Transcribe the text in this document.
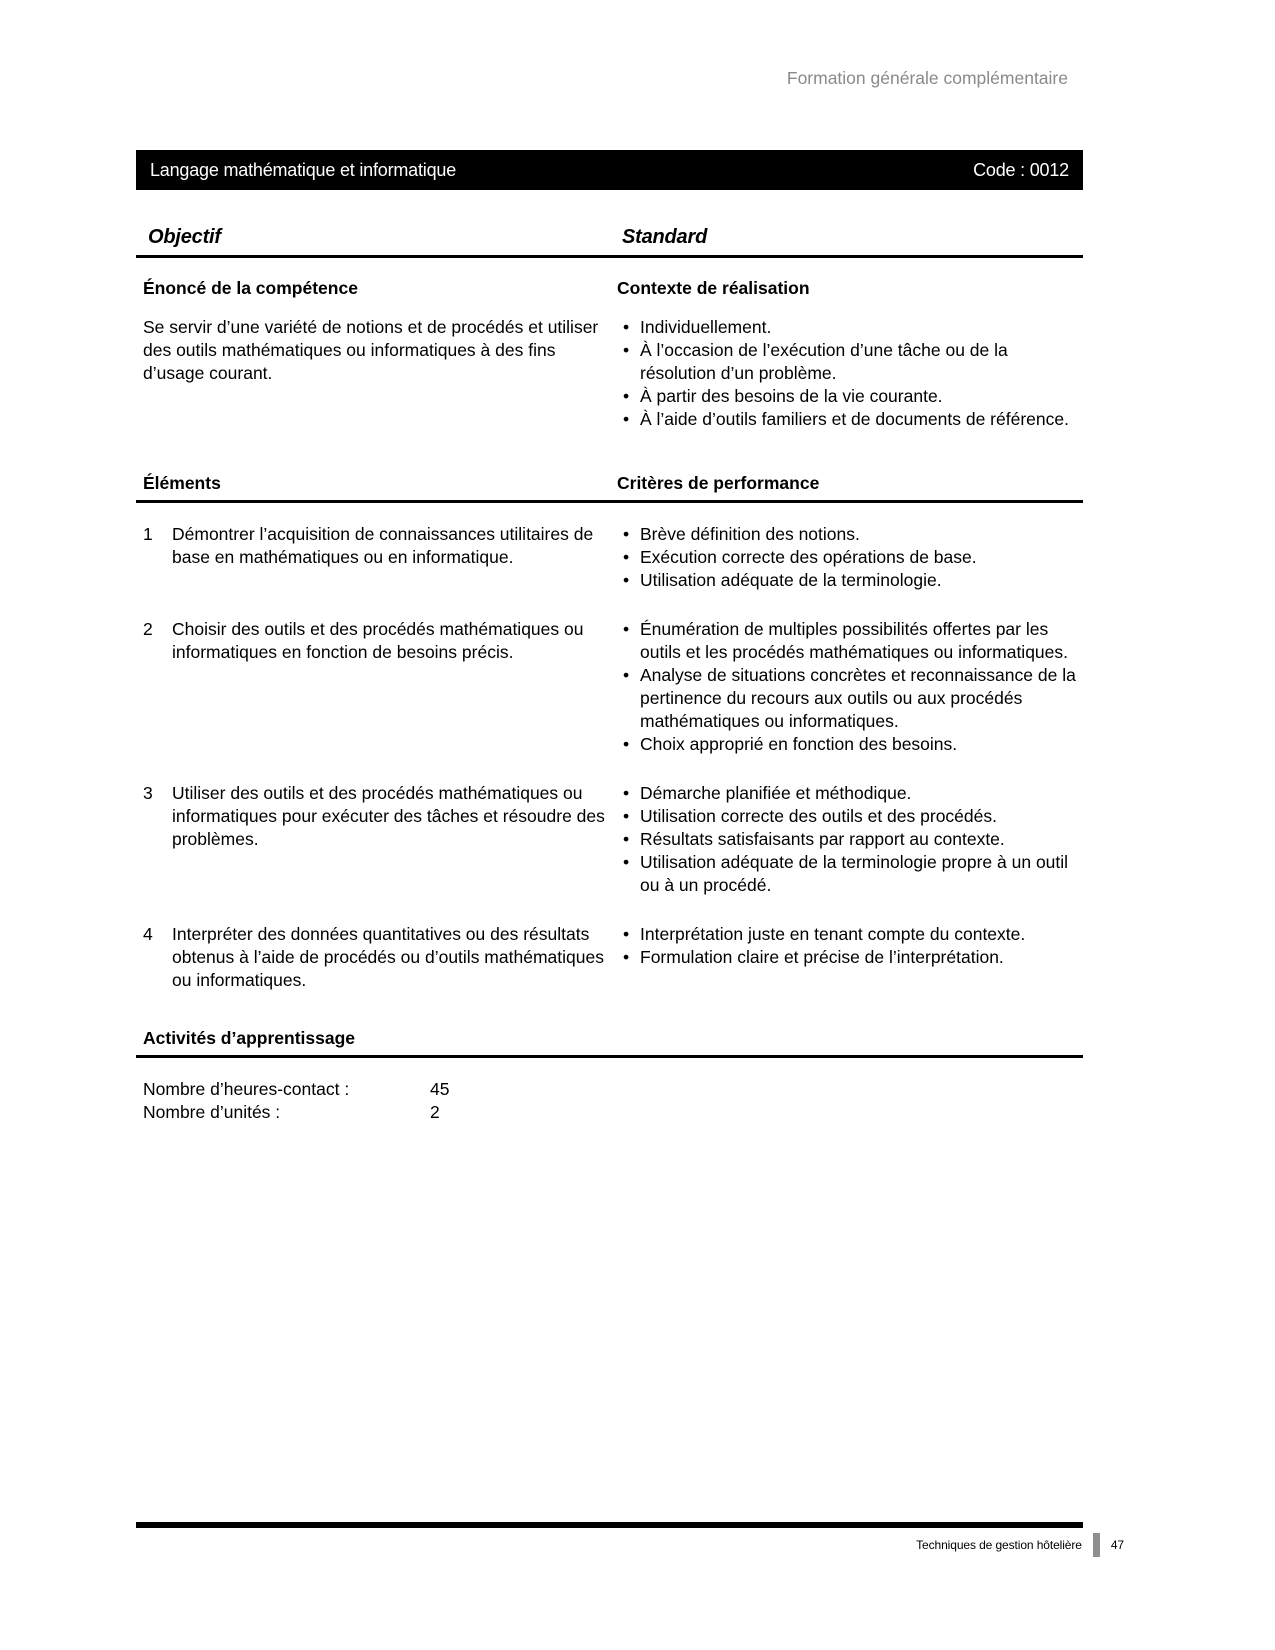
Formation générale complémentaire
Langage mathématique et informatique	Code : 0012
Objectif	Standard
Énoncé de la compétence	Contexte de réalisation
Se servir d’une variété de notions et de procédés et utiliser des outils mathématiques ou informatiques à des fins d’usage courant.
• Individuellement.
• À l’occasion de l’exécution d’une tâche ou de la résolution d’un problème.
• À partir des besoins de la vie courante.
• À l’aide d’outils familiers et de documents de référence.
Éléments	Critères de performance
1	Démontrer l’acquisition de connaissances utilitaires de base en mathématiques ou en informatique.
• Brève définition des notions.
• Exécution correcte des opérations de base.
• Utilisation adéquate de la terminologie.
2	Choisir des outils et des procédés mathématiques ou informatiques en fonction de besoins précis.
• Énumération de multiples possibilités offertes par les outils et les procédés mathématiques ou informatiques.
• Analyse de situations concrètes et reconnaissance de la pertinence du recours aux outils ou aux procédés mathématiques ou informatiques.
• Choix approprié en fonction des besoins.
3	Utiliser des outils et des procédés mathématiques ou informatiques pour exécuter des tâches et résoudre des problèmes.
• Démarche planifiée et méthodique.
• Utilisation correcte des outils et des procédés.
• Résultats satisfaisants par rapport au contexte.
• Utilisation adéquate de la terminologie propre à un outil ou à un procédé.
4	Interpréter des données quantitatives ou des résultats obtenus à l’aide de procédés ou d’outils mathématiques ou informatiques.
• Interprétation juste en tenant compte du contexte.
• Formulation claire et précise de l’interprétation.
Activités d’apprentissage
Nombre d’heures-contact :	45
Nombre d’unités :	2
Techniques de gestion hôtelière 47
